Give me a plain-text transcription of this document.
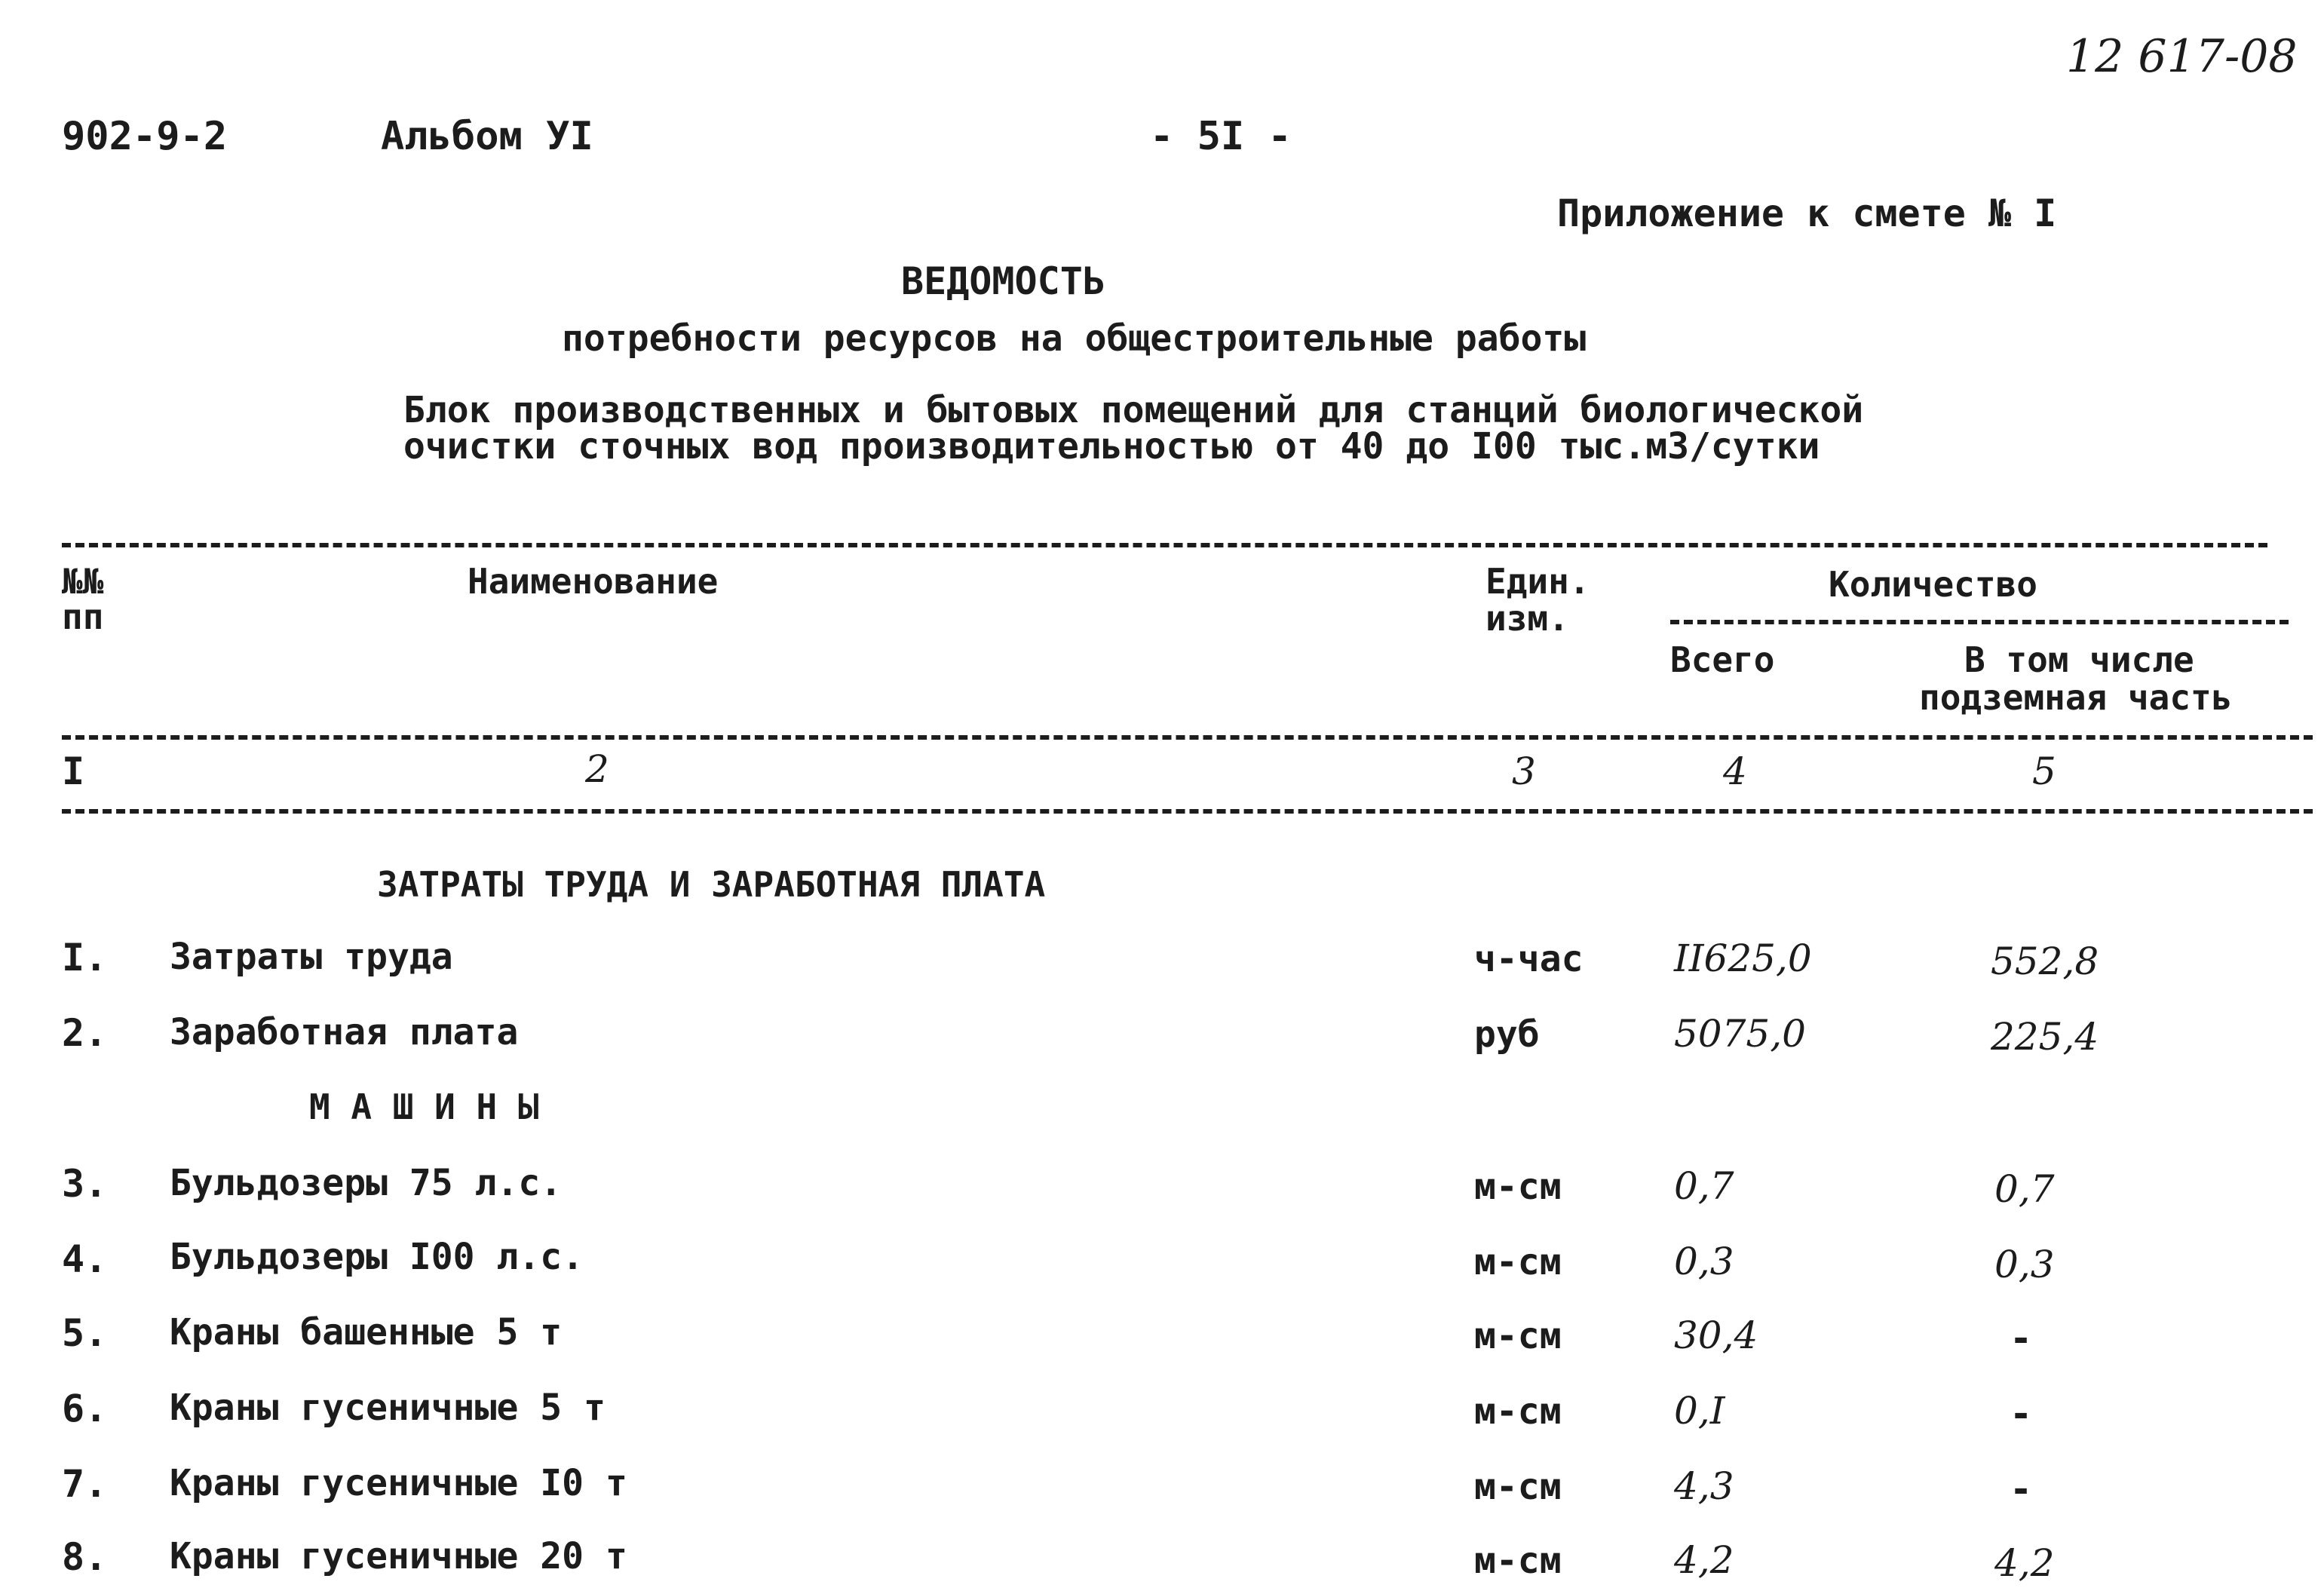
12 617-08
902-9-2	Альбом УI	- 5I -
Приложение к смете № I
ВЕДОМОСТЬ
потребности ресурсов на общестроительные работы
Блок производственных и бытовых помещений для станций биологической
очистки сточных вод производительностью от 40 до I00 тыс.м3/сутки
№№
пп
Наименование	Един.
изм.
Количество
Всего	В том числе
подземная часть
I	2	3	4	5
ЗАТРАТЫ ТРУДА И ЗАРАБОТНАЯ ПЛАТА
М А Ш И Н Ы
I. Затраты труда	ч-час II625,0	552,8
2. Заработная плата	руб	5075,0	225,4
3. Бульдозеры 75 л.с.	м-см	0,7	0,7
4. Бульдозеры I00 л.с.	м-см	0,3	0,3
5. Краны башенные 5 т	м-см	30,4	-
6. Краны гусеничные 5 т	м-см	0,I	-
7. Краны гусеничные I0 т	м-см	4,3	-
8. Краны гусеничные 20 т	м-см	4,2	4,2
